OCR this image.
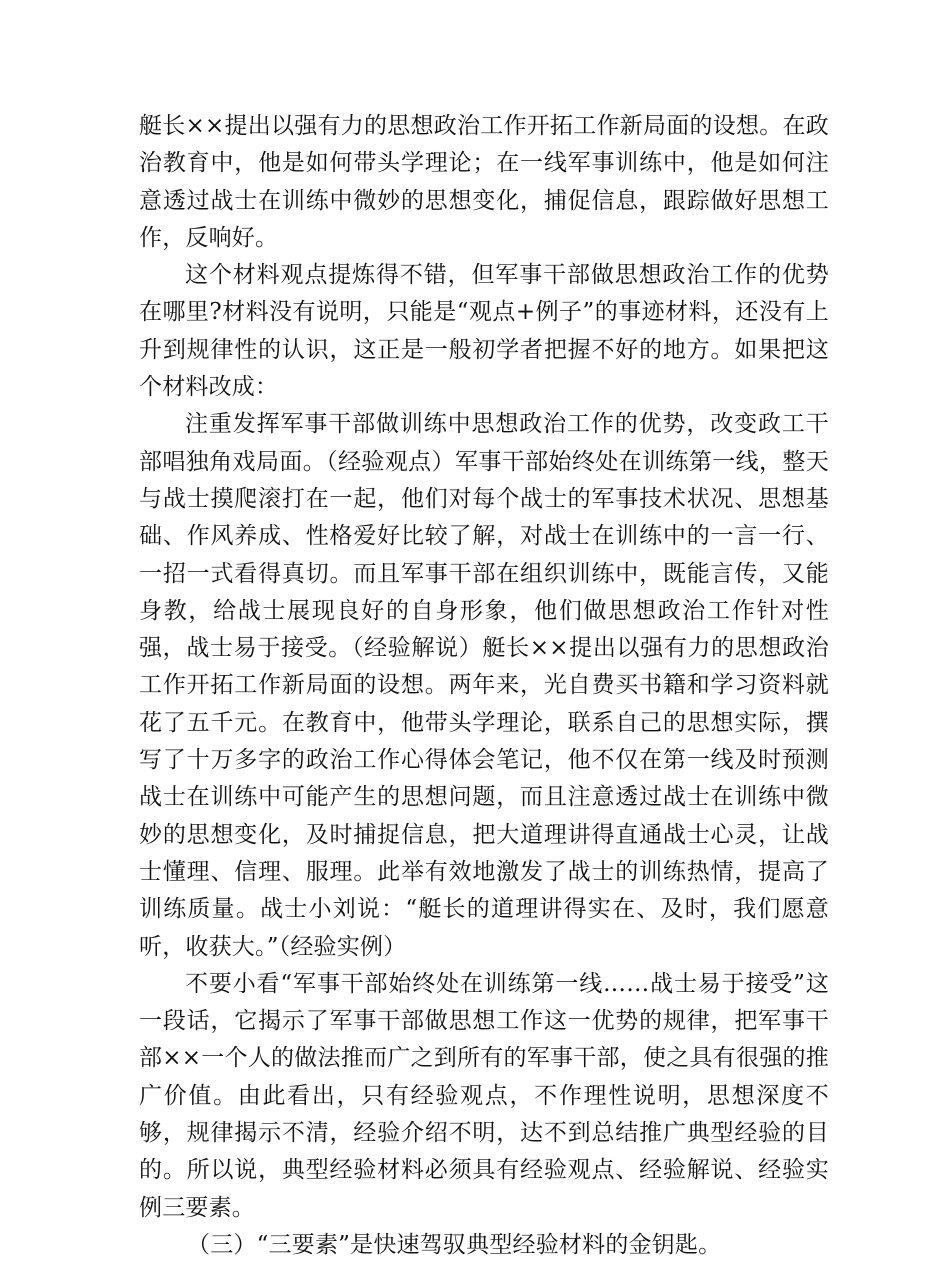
艇长××提出以强有力的思想政治工作开拓工作新局面的设想。在政治教育中，他是如何带头学理论；在一线军事训练中，他是如何注意透过战士在训练中微妙的思想变化，捕促信息，跟踪做好思想工作，反响好。

这个材料观点提炼得不错，但军事干部做思想政治工作的优势在哪里?材料没有说明，只能是“观点+例子”的事迹材料，还没有上升到规律性的认识，这正是一般初学者把握不好的地方。如果把这个材料改成：

注重发挥军事干部做训练中思想政治工作的优势，改变政工干部唱独角戏局面。（经验观点）军事干部始终处在训练第一线，整天与战士摸爬滚打在一起，他们对每个战士的军事技术状况、思想基础、作风养成、性格爱好比较了解，对战士在训练中的一言一行、一招一式看得真切。而且军事干部在组织训练中，既能言传，又能身教，给战士展现良好的自身形象，他们做思想政治工作针对性强，战士易于接受。（经验解说）艇长××提出以强有力的思想政治工作开拓工作新局面的设想。两年来，光自费买书籍和学习资料就花了五千元。在教育中，他带头学理论，联系自己的思想实际，撰写了十万多字的政治工作心得体会笔记，他不仅在第一线及时预测战士在训练中可能产生的思想问题，而且注意透过战士在训练中微妙的思想变化，及时捕捉信息，把大道理讲得直通战士心灵，让战士懂理、信理、服理。此举有效地激发了战士的训练热情，提高了训练质量。战士小刘说：“艇长的道理讲得实在、及时，我们愿意听，收获大。”（经验实例）

不要小看“军事干部始终处在训练第一线……战士易于接受”这一段话，它揭示了军事干部做思想工作这一优势的规律，把军事干部××一个人的做法推而广之到所有的军事干部，使之具有很强的推广价值。由此看出，只有经验观点，不作理性说明，思想深度不够，规律揭示不清，经验介绍不明，达不到总结推广典型经验的目的。所以说，典型经验材料必须具有经验观点、经验解说、经验实例三要素。

（三）“三要素”是快速驾驭典型经验材料的金钥匙。
